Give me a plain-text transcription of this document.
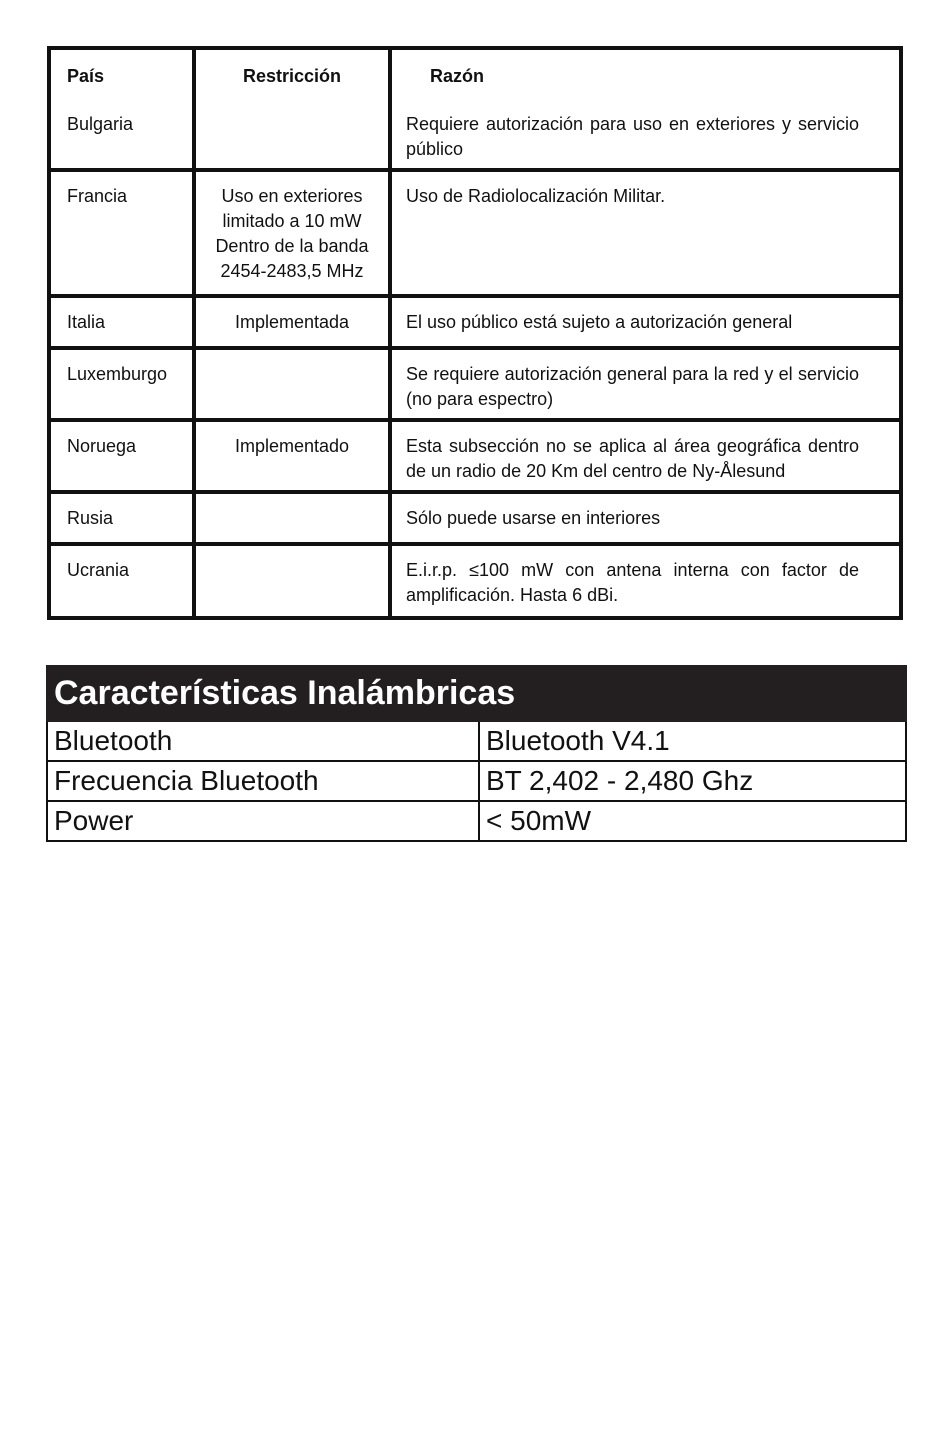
País	Restricción	Razón
Bulgaria		Requiere autorización para uso en exteriores y servicio público
Francia	Uso en exteriores
limitado a 10 mW
Dentro de la banda
2454-2483,5 MHz	Uso de Radiolocalización Militar.
Italia	Implementada	El uso público está sujeto a autorización general
Luxemburgo		Se requiere autorización general para la red y el servicio (no para espectro)
Noruega	Implementado	Esta subsección no se aplica al área geográfica dentro de un radio de 20 Km del centro de Ny-Ålesund
Rusia		Sólo puede usarse en interiores
Ucrania		E.i.r.p. ≤100 mW con antena interna con factor de amplificación. Hasta 6 dBi.
Características Inalámbricas	
Bluetooth	Bluetooth V4.1
Frecuencia Bluetooth	BT 2,402 - 2,480 Ghz
Power	< 50mW
